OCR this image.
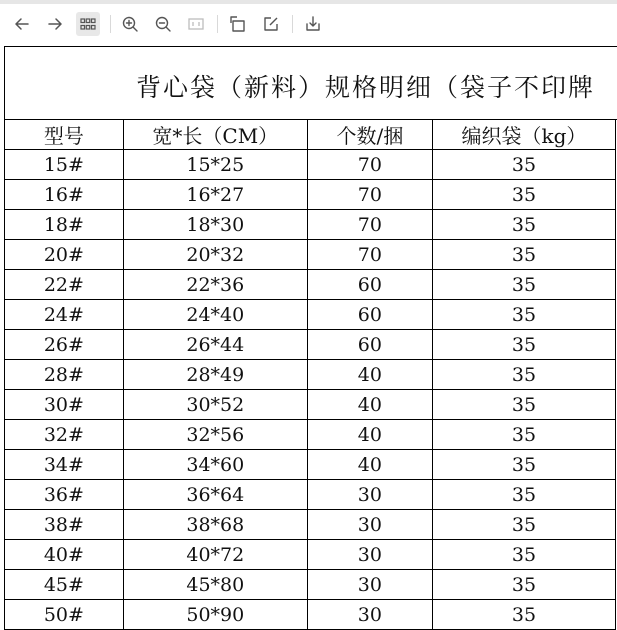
背心袋（新料）规格明细（袋子不印牌
型号	宽*长（CM）	个数/捆	编织袋（kg）
15#	15*25	70	35
16#	16*27	70	35
18#	18*30	70	35
20#	20*32	70	35
22#	22*36	60	35
24#	24*40	60	35
26#	26*44	60	35
28#	28*49	40	35
30#	30*52	40	35
32#	32*56	40	35
34#	34*60	40	35
36#	36*64	30	35
38#	38*68	30	35
40#	40*72	30	35
45#	45*80	30	35
50#	50*90	30	35
